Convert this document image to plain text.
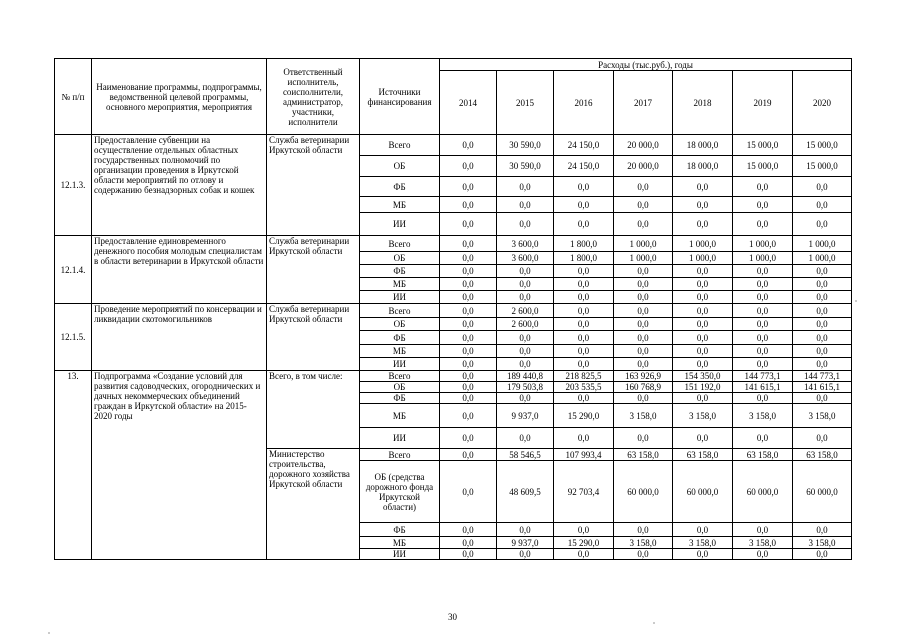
№ п/п	Наименование программы, подпрограммы, ведомственной целевой программы, основного мероприятия, мероприятия	Ответственный исполнитель, соисполнители, администратор, участники, исполнители	Источники финансирования	Расходы (тыс.руб.), годы						
				2014	2015	2016	2017	2018	2019	2020
12.1.3.	Предоставление субвенции на осуществление отдельных областных государственных полномочий по организации проведения в Иркутской области мероприятий по отлову и содержанию безнадзорных собак и кошек	Служба ветеринарии Иркутской области	Всего	0,0	30 590,0	24 150,0	20 000,0	18 000,0	15 000,0	15 000,0
			ОБ	0,0	30 590,0	24 150,0	20 000,0	18 000,0	15 000,0	15 000,0
			ФБ	0,0	0,0	0,0	0,0	0,0	0,0	0,0
			МБ	0,0	0,0	0,0	0,0	0,0	0,0	0,0
			ИИ	0,0	0,0	0,0	0,0	0,0	0,0	0,0
12.1.4.	Предоставление единовременного денежного пособия молодым специалистам в области ветеринарии в Иркутской области	Служба ветеринарии Иркутской области	Всего	0,0	3 600,0	1 800,0	1 000,0	1 000,0	1 000,0	1 000,0
			ОБ	0,0	3 600,0	1 800,0	1 000,0	1 000,0	1 000,0	1 000,0
			ФБ	0,0	0,0	0,0	0,0	0,0	0,0	0,0
			МБ	0,0	0,0	0,0	0,0	0,0	0,0	0,0
			ИИ	0,0	0,0	0,0	0,0	0,0	0,0	0,0
12.1.5.	Проведение мероприятий по консервации и ликвидации скотомогильников	Служба ветеринарии Иркутской области	Всего	0,0	2 600,0	0,0	0,0	0,0	0,0	0,0
			ОБ	0,0	2 600,0	0,0	0,0	0,0	0,0	0,0
			ФБ	0,0	0,0	0,0	0,0	0,0	0,0	0,0
			МБ	0,0	0,0	0,0	0,0	0,0	0,0	0,0
			ИИ	0,0	0,0	0,0	0,0	0,0	0,0	0,0
13.	Подпрограмма «Создание условий для развития садоводческих, огороднических и дачных некоммерческих объединений граждан в Иркутской области» на 2015-2020 годы	Всего, в том числе:	Всего	0,0	189 440,8	218 825,5	163 926,9	154 350,0	144 773,1	144 773,1
			ОБ	0,0	179 503,8	203 535,5	160 768,9	151 192,0	141 615,1	141 615,1
			ФБ	0,0	0,0	0,0	0,0	0,0	0,0	0,0
			МБ	0,0	9 937,0	15 290,0	3 158,0	3 158,0	3 158,0	3 158,0
			ИИ	0,0	0,0	0,0	0,0	0,0	0,0	0,0
		Министерство строительства, дорожного хозяйства Иркутской области	Всего	0,0	58 546,5	107 993,4	63 158,0	63 158,0	63 158,0	63 158,0
			ОБ (средства дорожного фонда Иркутской области)	0,0	48 609,5	92 703,4	60 000,0	60 000,0	60 000,0	60 000,0
			ФБ	0,0	0,0	0,0	0,0	0,0	0,0	0,0
			МБ	0,0	9 937,0	15 290,0	3 158,0	3 158,0	3 158,0	3 158,0
			ИИ	0,0	0,0	0,0	0,0	0,0	0,0	0,0
30
